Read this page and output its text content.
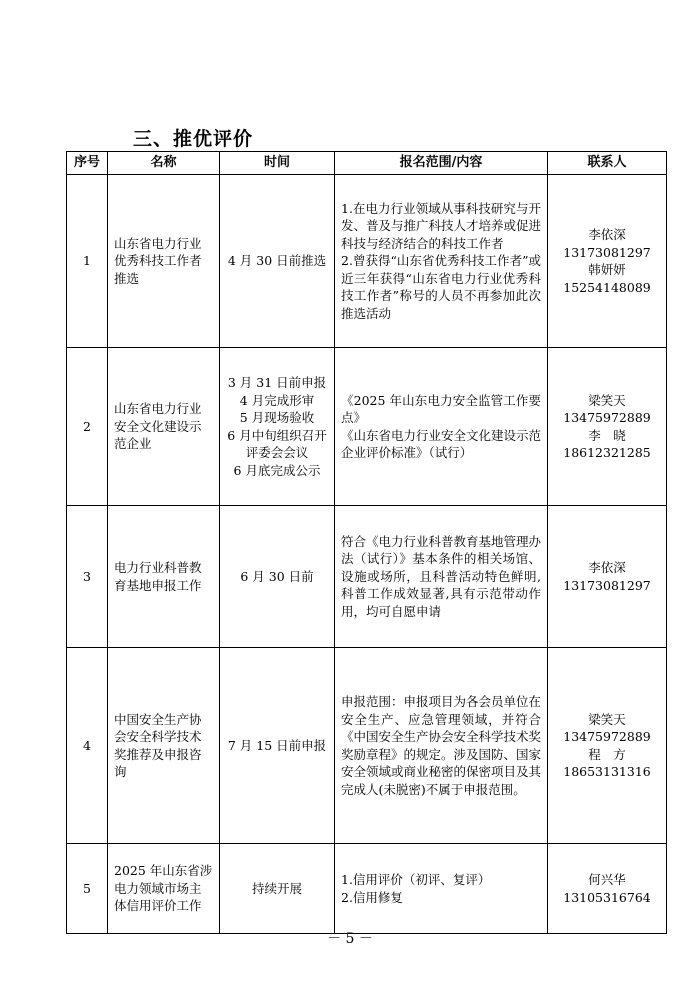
三、推优评价
序号	名称	时间	报名范围/内容	联系人
1	山东省电力行业优秀科技工作者推选	4 月 30 日前推选	1.在电力行业领域从事科技研究与开发、普及与推广科技人才培养或促进科技与经济结合的科技工作者
2.曾获得“山东省优秀科技工作者”或近三年获得“山东省电力行业优秀科技工作者”称号的人员不再参加此次推选活动	李依深
13173081297
韩妍妍
15254148089

2	山东省电力行业安全文化建设示范企业	3 月 31 日前申报
4 月完成形审
5 月现场验收
6 月中旬组织召开评委会会议
6 月底完成公示	《2025 年山东电力安全监管工作要点》
《山东省电力行业安全文化建设示范企业评价标准》（试行）	梁笑天
13475972889
李　晓
18612321285

3	电力行业科普教育基地申报工作	6 月 30 日前	符合《电力行业科普教育基地管理办法（试行）》基本条件的相关场馆、设施或场所，且科普活动特色鲜明,科普工作成效显著,具有示范带动作用，均可自愿申请	李依深
13173081297

4	中国安全生产协会安全科学技术奖推荐及申报咨询	7 月 15 日前申报	申报范围：申报项目为各会员单位在安全生产、应急管理领域，并符合《中国安全生产协会安全科学技术奖奖励章程》的规定。涉及国防、国家安全领域或商业秘密的保密项目及其完成人(未脱密)不属于申报范围。	梁笑天
13475972889
程　方
18653131316

5	2025 年山东省涉电力领域市场主体信用评价工作	持续开展	1.信用评价（初评、复评）
2.信用修复	何兴华
13105316764
－ 5 －
